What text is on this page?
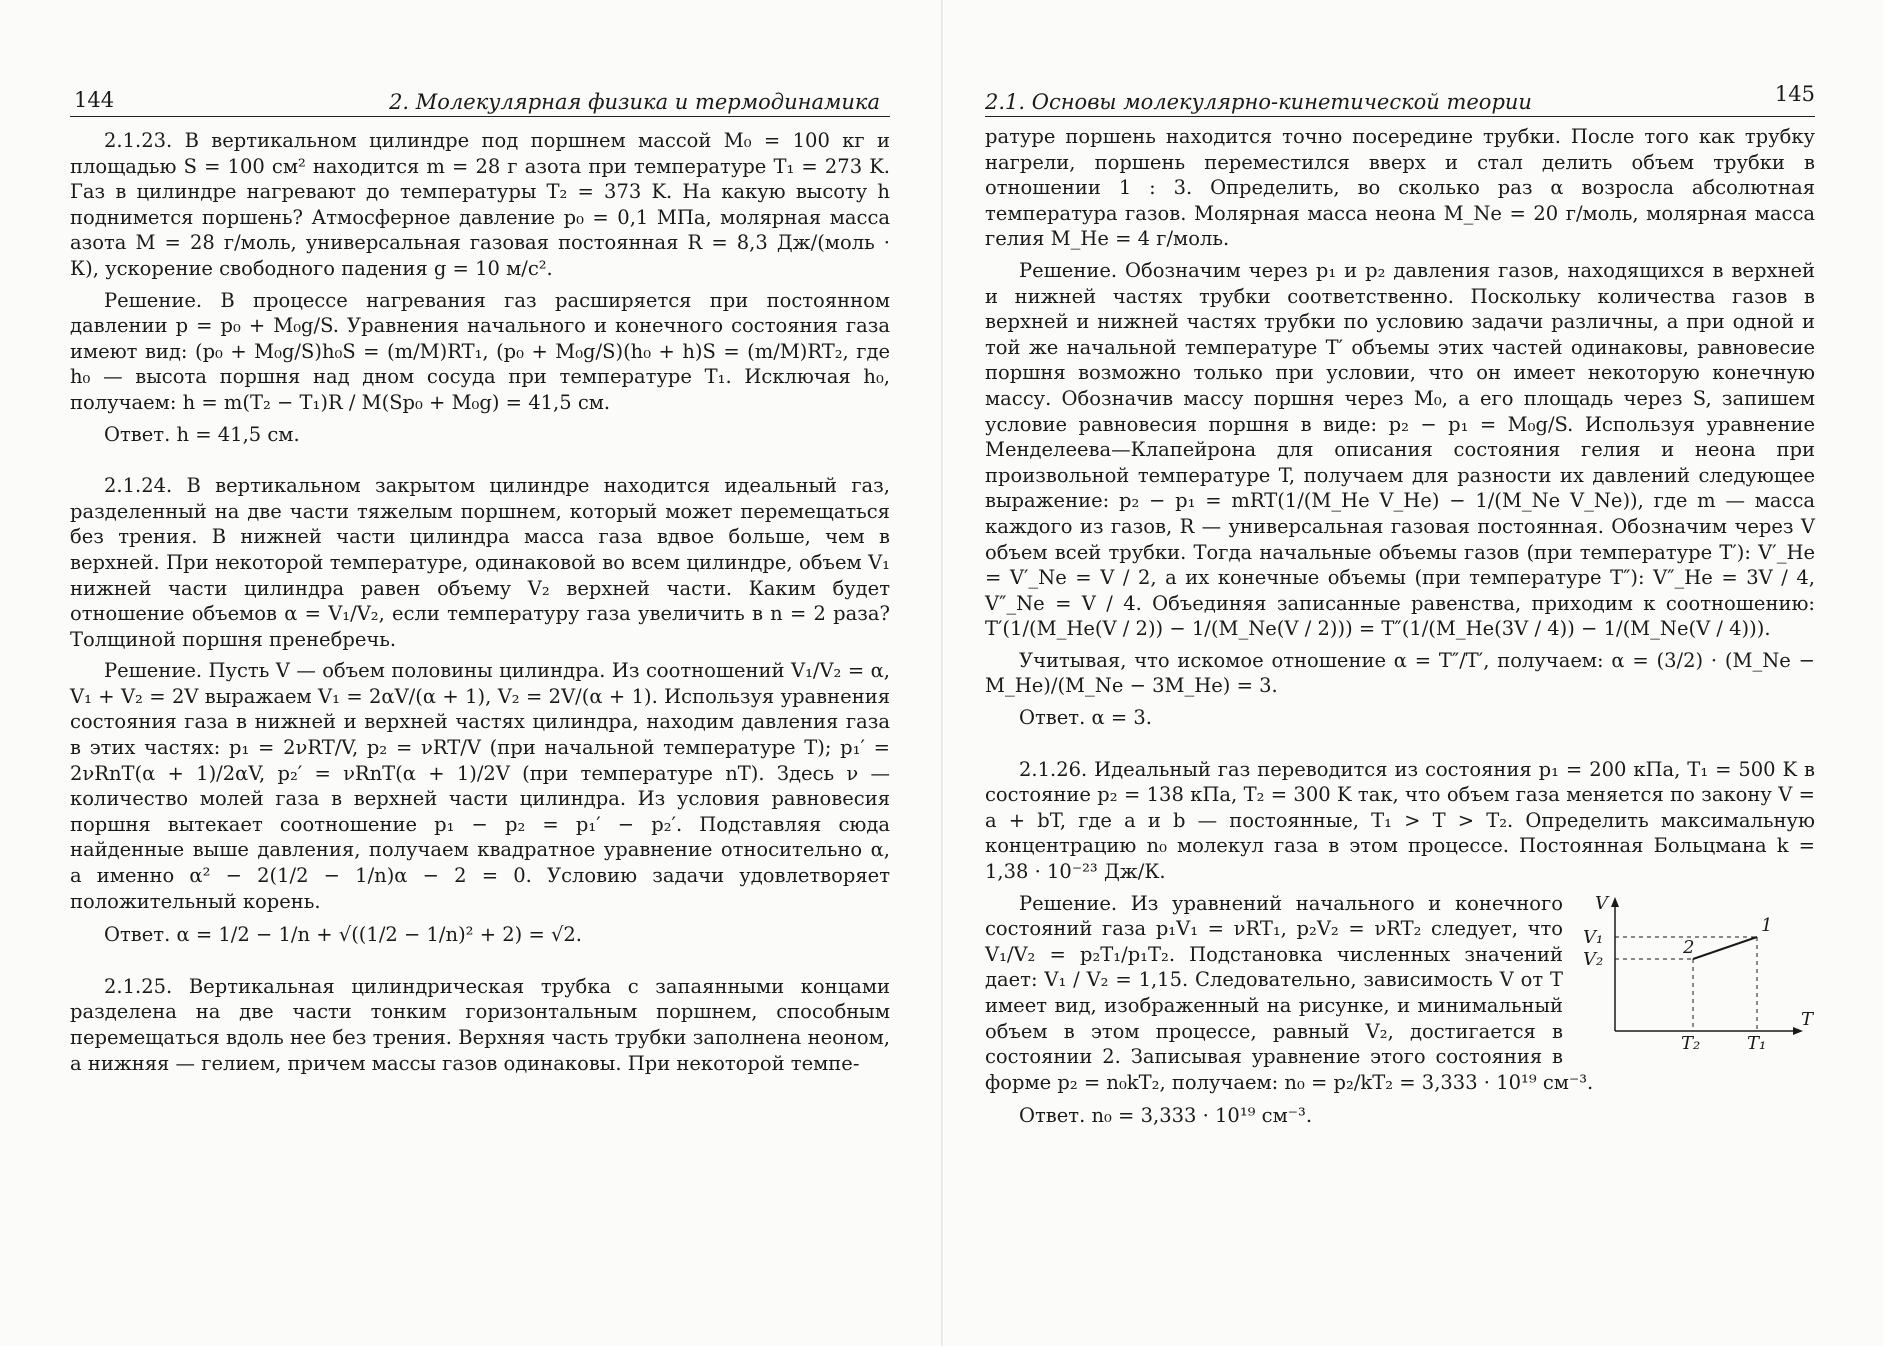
144	2. Молекулярная физика и термодинамика

2.1.23. В вертикальном цилиндре под поршнем массой M₀ = 100 кг и площадью S = 100 см² находится m = 28 г азота при температуре T₁ = 273 K. Газ в цилиндре нагревают до температуры T₂ = 373 K. На какую высоту h поднимется поршень? Атмосферное давление p₀ = 0,1 МПа, молярная масса азота M = 28 г/моль, универсальная газовая постоянная R = 8,3 Дж/(моль · К), ускорение свободного падения g = 10 м/с².

Решение. В процессе нагревания газ расширяется при постоянном давлении p = p₀ + M₀g/S. Уравнения начального и конечного состояния газа имеют вид: (p₀ + M₀g/S)h₀S = (m/M)RT₁, (p₀ + M₀g/S)(h₀ + h)S = (m/M)RT₂, где h₀ — высота поршня над дном сосуда при температуре T₁. Исключая h₀, получаем: h = m(T₂ − T₁)R / M(Sp₀ + M₀g) = 41,5 см.

Ответ. h = 41,5 см.

2.1.24. В вертикальном закрытом цилиндре находится идеальный газ, разделенный на две части тяжелым поршнем, который может перемещаться без трения. В нижней части цилиндра масса газа вдвое больше, чем в верхней. При некоторой температуре, одинаковой во всем цилиндре, объем V₁ нижней части цилиндра равен объему V₂ верхней части. Каким будет отношение объемов α = V₁/V₂, если температуру газа увеличить в n = 2 раза? Толщиной поршня пренебречь.

Решение. Пусть V — объем половины цилиндра. Из соотношений V₁/V₂ = α, V₁ + V₂ = 2V выражаем V₁ = 2αV/(α + 1), V₂ = 2V/(α + 1). Используя уравнения состояния газа в нижней и верхней частях цилиндра, находим давления газа в этих частях: p₁ = 2νRT/V, p₂ = νRT/V (при начальной температуре T); p₁′ = 2νRnT(α + 1)/2αV, p₂′ = νRnT(α + 1)/2V (при температуре nT). Здесь ν — количество молей газа в верхней части цилиндра. Из условия равновесия поршня вытекает соотношение p₁ − p₂ = p₁′ − p₂′. Подставляя сюда найденные выше давления, получаем квадратное уравнение относительно α, а именно α² − 2(1/2 − 1/n)α − 2 = 0. Условию задачи удовлетворяет положительный корень.

Ответ. α = 1/2 − 1/n + √((1/2 − 1/n)² + 2) = √2.

2.1.25. Вертикальная цилиндрическая трубка с запаянными концами разделена на две части тонким горизонтальным поршнем, способным перемещаться вдоль нее без трения. Верхняя часть трубки заполнена неоном, а нижняя — гелием, причем массы газов одинаковы. При некоторой темпе-

2.1. Основы молекулярно-кинетической теории	145

ратуре поршень находится точно посередине трубки. После того как трубку нагрели, поршень переместился вверх и стал делить объем трубки в отношении 1 : 3. Определить, во сколько раз α возросла абсолютная температура газов. Молярная масса неона M_Ne = 20 г/моль, молярная масса гелия M_He = 4 г/моль.

Решение. Обозначим через p₁ и p₂ давления газов, находящихся в верхней и нижней частях трубки соответственно. Поскольку количества газов в верхней и нижней частях трубки по условию задачи различны, а при одной и той же начальной температуре T′ объемы этих частей одинаковы, равновесие поршня возможно только при условии, что он имеет некоторую конечную массу. Обозначив массу поршня через M₀, а его площадь через S, запишем условие равновесия поршня в виде: p₂ − p₁ = M₀g/S. Используя уравнение Менделеева—Клапейрона для описания состояния гелия и неона при произвольной температуре T, получаем для разности их давлений следующее выражение: p₂ − p₁ = mRT(1/(M_He V_He) − 1/(M_Ne V_Ne)), где m — масса каждого из газов, R — универсальная газовая постоянная. Обозначим через V объем всей трубки. Тогда начальные объемы газов (при температуре T′): V′_He = V′_Ne = V / 2, а их конечные объемы (при температуре T″): V″_He = 3V / 4, V″_Ne = V / 4. Объединяя записанные равенства, приходим к соотношению: T′(1/(M_He(V / 2)) − 1/(M_Ne(V / 2))) = T″(1/(M_He(3V / 4)) − 1/(M_Ne(V / 4))).

Учитывая, что искомое отношение α = T″/T′, получаем: α = (3/2) · (M_Ne − M_He)/(M_Ne − 3M_He) = 3.

Ответ. α = 3.

2.1.26. Идеальный газ переводится из состояния p₁ = 200 кПа, T₁ = 500 K в состояние p₂ = 138 кПа, T₂ = 300 K так, что объем газа меняется по закону V = a + bT, где a и b — постоянные, T₁ > T > T₂. Определить максимальную концентрацию n₀ молекул газа в этом процессе. Постоянная Больцмана k = 1,38 · 10⁻²³ Дж/К.

V
T
V₁
V₂
T₂	T₁
1
2

Решение. Из уравнений начального и конечного состояний газа p₁V₁ = νRT₁, p₂V₂ = νRT₂ следует, что V₁/V₂ = p₂T₁/p₁T₂. Подстановка численных значений дает: V₁ / V₂ = 1,15. Следовательно, зависимость V от T имеет вид, изображенный на рисунке, и минимальный объем в этом процессе, равный V₂, достигается в состоянии 2. Записывая уравнение этого состояния в форме p₂ = n₀kT₂, получаем: n₀ = p₂/kT₂ = 3,333 · 10¹⁹ см⁻³.

Ответ. n₀ = 3,333 · 10¹⁹ см⁻³.
